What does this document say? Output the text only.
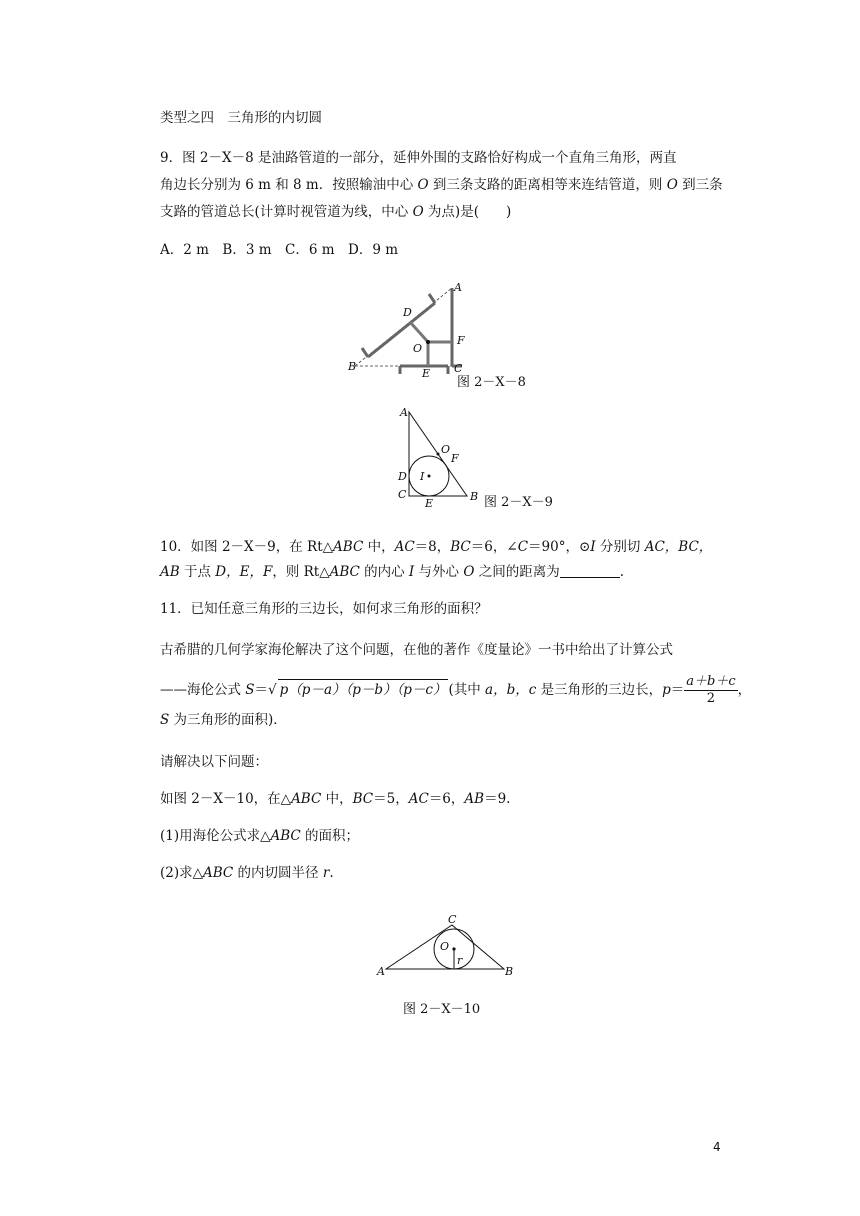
类型之四　三角形的内切圆
9．图 2－X－8 是油路管道的一部分，延伸外围的支路恰好构成一个直角三角形，两直
角边长分别为 6 m 和 8 m．按照输油中心 O 到三条支路的距离相等来连结管道，则 O 到三条
支路的管道总长(计算时视管道为线，中心 O 为点)是(　　)
A．2 m　B．3 m　C．6 m　D．9 m
A
D
O
F
B
E C
图 2－X－8
A
O
F
D I
C
E
B 图 2－X－9
10．如图 2－X－9，在 Rt△ABC 中，AC＝8，BC＝6，∠C＝90°，⊙I 分别切 AC，BC，
AB 于点 D，E，F，则 Rt△ABC 的内心 I 与外心 O 之间的距离为	.
11．已知任意三角形的三边长，如何求三角形的面积？
古希腊的几何学家海伦解决了这个问题，在他的著作《度量论》一书中给出了计算公式
——海伦公式 S＝√ p（p－a）（p－b）（p－c） (其中 a，b，c 是三角形的三边长，$p= \frac{a+b+c}{2}$ ，
S 为三角形的面积)．
请解决以下问题：
如图 2－X－10，在△ABC 中，BC＝5，AC＝6，AB＝9.
(1)用海伦公式求△ABC 的面积；
(2)求△ABC 的内切圆半径 r.
C
O
r
A	B
图 2－X－10
4
